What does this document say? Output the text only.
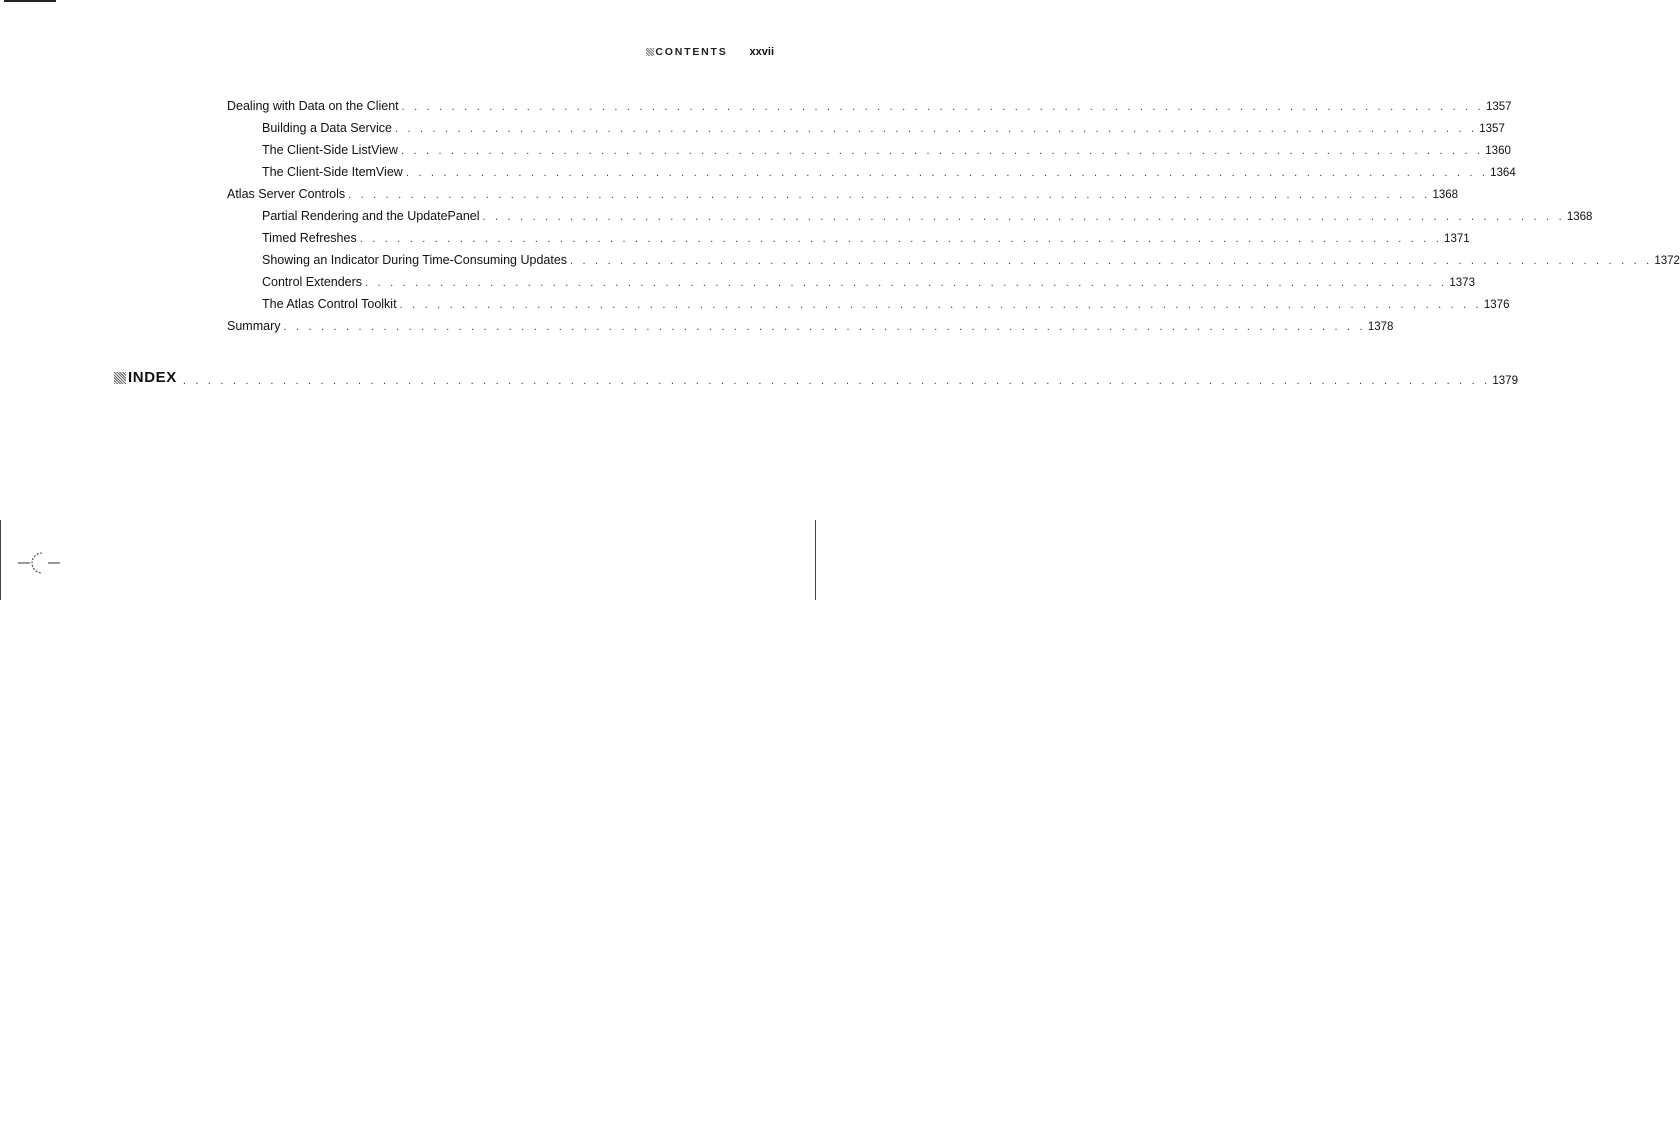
CONTENTS xxvii
Dealing with Data on the Client . . . . . . . . . . . . . . . . . . . . . . . . . . . . . . . . . . . . . . . . . . . . . . . . . . . . . . . . . . . . . . . . . . . . . . . . . . . . . . . . . . . . . . . 1357
Building a Data Service . . . . . . . . . . . . . . . . . . . . . . . . . . . . . . . . . . . . . . . . . . . . . . . . . . . . . . . . . . . . . . . . . . . . . . . . . . . . . . . . . . . . . . . 1357
The Client-Side ListView . . . . . . . . . . . . . . . . . . . . . . . . . . . . . . . . . . . . . . . . . . . . . . . . . . . . . . . . . . . . . . . . . . . . . . . . . . . . . . . . . . . . . . . 1360
The Client-Side ItemView . . . . . . . . . . . . . . . . . . . . . . . . . . . . . . . . . . . . . . . . . . . . . . . . . . . . . . . . . . . . . . . . . . . . . . . . . . . . . . . . . . . . . . . 1364
Atlas Server Controls . . . . . . . . . . . . . . . . . . . . . . . . . . . . . . . . . . . . . . . . . . . . . . . . . . . . . . . . . . . . . . . . . . . . . . . . . . . . . . . . . . . . . . . 1368
Partial Rendering and the UpdatePanel . . . . . . . . . . . . . . . . . . . . . . . . . . . . . . . . . . . . . . . . . . . . . . . . . . . . . . . . . . . . . . . . . . . . . . . . . . . . . . . . . . . . . . . 1368
Timed Refreshes . . . . . . . . . . . . . . . . . . . . . . . . . . . . . . . . . . . . . . . . . . . . . . . . . . . . . . . . . . . . . . . . . . . . . . . . . . . . . . . . . . . . . . . 1371
Showing an Indicator During Time-Consuming Updates . . . . . . . . . . . . . . . . . . . . . . . . . . . . . . . . . . . . . . . . . . . . . . . . . . . . . . . . . . . . . . . . . . . . . . . . . . . . . . . . . . . . . . . 1372
Control Extenders . . . . . . . . . . . . . . . . . . . . . . . . . . . . . . . . . . . . . . . . . . . . . . . . . . . . . . . . . . . . . . . . . . . . . . . . . . . . . . . . . . . . . . . 1373
The Atlas Control Toolkit . . . . . . . . . . . . . . . . . . . . . . . . . . . . . . . . . . . . . . . . . . . . . . . . . . . . . . . . . . . . . . . . . . . . . . . . . . . . . . . . . . . . . . . 1376
Summary . . . . . . . . . . . . . . . . . . . . . . . . . . . . . . . . . . . . . . . . . . . . . . . . . . . . . . . . . . . . . . . . . . . . . . . . . . . . . . . . . . . . . . . 1378
INDEX . . . . . . . . . . . . . . . . . . . . . . . . . . . . . . . . . . . . . . . . . . . . . . . . . . . . . . . . . . . . . . . . . . . . . . . . . . . . . . . . . . . . . . . . . . . . . . . . . . . . . . . . . 1379
